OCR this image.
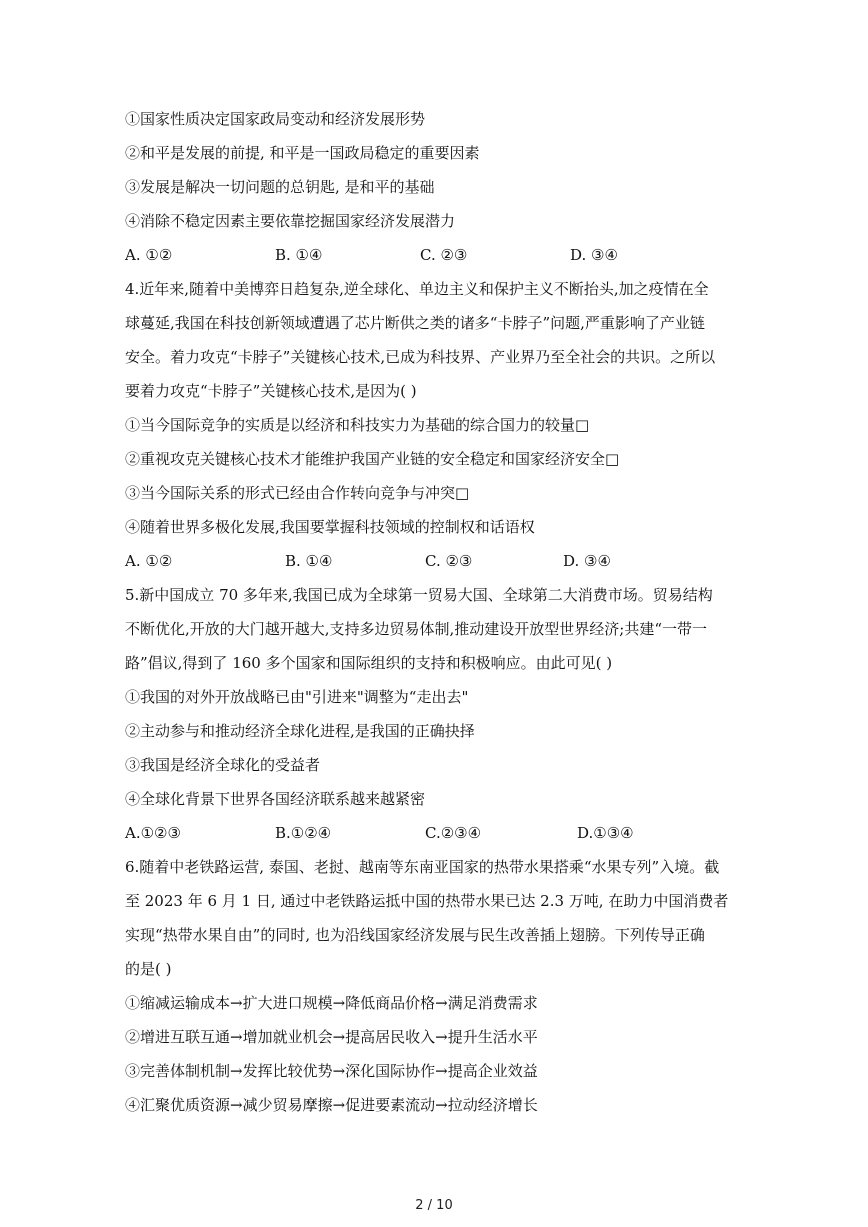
①国家性质决定国家政局变动和经济发展形势
②和平是发展的前提, 和平是一国政局稳定的重要因素
③发展是解决一切问题的总钥匙, 是和平的基础
④消除不稳定因素主要依靠挖掘国家经济发展潜力
A. ①②	B. ①④	C. ②③	D. ③④
4.近年来,随着中美博弈日趋复杂,逆全球化、单边主义和保护主义不断抬头,加之疫情在全
球蔓延,我国在科技创新领域遭遇了芯片断供之类的诸多“卡脖子”问题,严重影响了产业链
安全。着力攻克“卡脖子”关键核心技术,已成为科技界、产业界乃至全社会的共识。之所以
要着力攻克“卡脖子”关键核心技术,是因为( )
①当今国际竞争的实质是以经济和科技实力为基础的综合国力的较量□
②重视攻克关键核心技术才能维护我国产业链的安全稳定和国家经济安全□
③当今国际关系的形式已经由合作转向竞争与冲突□
④随着世界多极化发展,我国要掌握科技领域的控制权和话语权
A. ①②	B. ①④	C. ②③	D. ③④
5.新中国成立 70 多年来,我国已成为全球第一贸易大国、全球第二大消费市场。贸易结构
不断优化,开放的大门越开越大,支持多边贸易体制,推动建设开放型世界经济;共建“一带一
路”倡议,得到了 160 多个国家和国际组织的支持和积极响应。由此可见( )
①我国的对外开放战略已由"引进来"调整为“走出去"
②主动参与和推动经济全球化进程,是我国的正确抉择
③我国是经济全球化的受益者
④全球化背景下世界各国经济联系越来越紧密
A.①②③	B.①②④	C.②③④	D.①③④
6.随着中老铁路运营, 泰国、老挝、越南等东南亚国家的热带水果搭乘“水果专列”入境。截
至 2023 年 6 月 1 日, 通过中老铁路运抵中国的热带水果已达 2.3 万吨, 在助力中国消费者
实现“热带水果自由”的同时, 也为沿线国家经济发展与民生改善插上翅膀。下列传导正确
的是( )
①缩减运输成本→扩大进口规模→降低商品价格→满足消费需求
②增进互联互通→增加就业机会→提高居民收入→提升生活水平
③完善体制机制→发挥比较优势→深化国际协作→提高企业效益
④汇聚优质资源→减少贸易摩擦→促进要素流动→拉动经济增长
2 / 10
